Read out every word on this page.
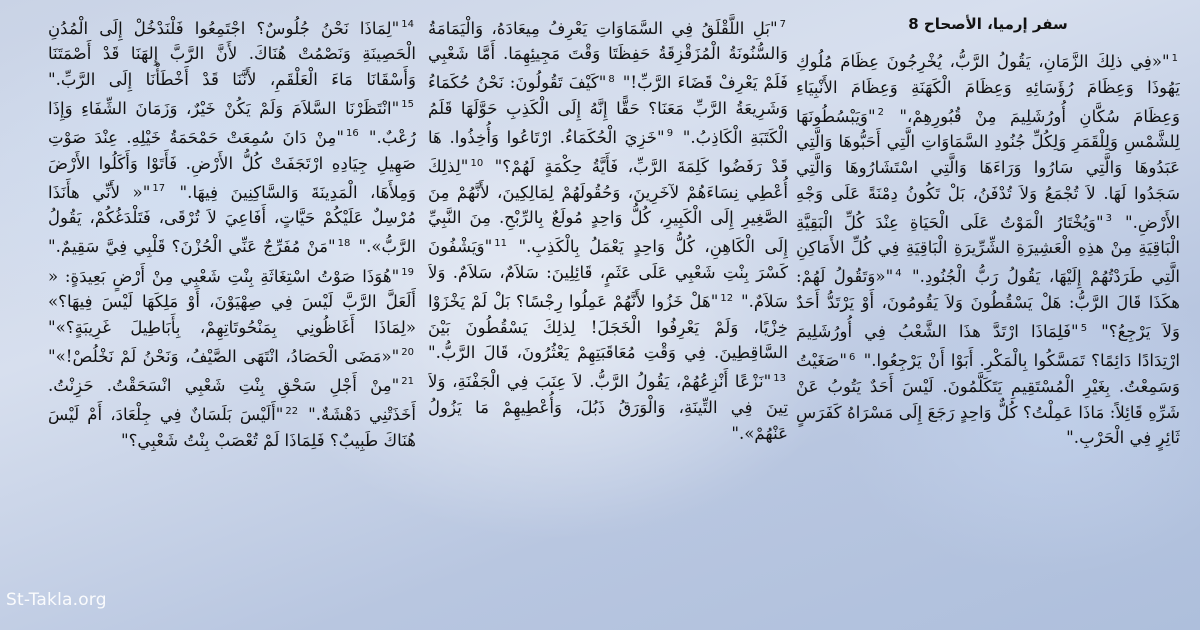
سفر إرميا، الأصحاح 8
$^1$"«فِي ذلِكَ الزَّمَانِ، يَقُولُ الرَّبُّ، يُخْرِجُونَ عِظَامَ مُلُوكِ يَهُوذَا وَعِظَامَ رُؤَسَائِهِ وَعِظَامَ الْكَهَنَةِ وَعِظَامَ الأَنْبِيَاءِ وَعِظَامَ سُكَّانِ أُورُشَلِيمَ مِنْ قُبُورِهِمْ،" $^2$"وَيَبْسُطُونَهَا لِلشَّمْسِ وَلِلْقَمَرِ وَلِكُلِّ جُنُودِ السَّمَاوَاتِ الَّتِي أَحَبُّوهَا وَالَّتِي عَبَدُوهَا وَالَّتِي سَارُوا وَرَاءَهَا وَالَّتِي اسْتَشَارُوهَا وَالَّتِي سَجَدُوا لَهَا. لاَ تُجْمَعُ وَلاَ تُدْفَنُ، بَلْ تَكُونُ دِمْنَةً عَلَى وَجْهِ الأَرْضِ." $^3$"وَيُخْتَارُ الْمَوْتُ عَلَى الْحَيَاةِ عِنْدَ كُلِّ الْبَقِيَّةِ الْبَاقِيَةِ مِنْ هذِهِ الْعَشِيرَةِ الشِّرِّيرَةِ الْبَاقِيَةِ فِي كُلِّ الأَمَاكِنِ الَّتِي طَرَدْتُهُمْ إِلَيْهَا، يَقُولُ رَبُّ الْجُنُودِ." $^4$"«وَتَقُولُ لَهُمْ: هكَذَا قَالَ الرَّبُّ: هَلْ يَسْقُطُونَ وَلاَ يَقُومُونَ، أَوْ يَرْتَدُّ أَحَدٌ وَلاَ يَرْجِعُ؟" $^5$"فَلِمَاذَا ارْتَدَّ هذَا الشَّعْبُ فِي أُورُشَلِيمَ ارْتِدَادًا دَائِمًا؟ تَمَسَّكُوا بِالْمَكْرِ. أَبَوْا أَنْ يَرْجِعُوا." $^6$"صَغَيْتُ وَسَمِعْتُ. بِغَيْرِ الْمُسْتَقِيمِ يَتَكَلَّمُونَ. لَيْسَ أَحَدٌ يَتُوبُ عَنْ شَرِّهِ قَائِلاً: مَاذَا عَمِلْتُ؟ كُلٌّ وَاحِدٍ رَجَعَ إِلَى مَسْرَاهُ كَفَرَسٍ ثَائِرٍ فِي الْحَرْبِ."
$^7$"بَلِ اللَّقْلَقُ فِي السَّمَاوَاتِ يَعْرِفُ مِيعَادَهُ، وَالْيَمَامَةُ وَالسُّنُونَةُ الْمُزَقْزِقَةُ حَفِظَتَا وَقْتَ مَجِيئِهِمَا. أَمَّا شَعْبِي فَلَمْ يَعْرِفْ قَضَاءَ الرَّبِّ!" $^8$"كَيْفَ تَقُولُونَ: نَحْنُ حُكَمَاءُ وَشَرِيعَةُ الرَّبِّ مَعَنَا؟ حَقًّا إِنَّهُ إِلَى الْكَذِبِ حَوَّلَهَا قَلَمُ الْكَتَبَةِ الْكَاذِبُ." $^9$"خَزِيَ الْحُكَمَاءُ. ارْتَاعُوا وَأُخِذُوا. هَا قَدْ رَفَضُوا كَلِمَةَ الرَّبِّ، فَأَيَّةُ حِكْمَةٍ لَهُمْ؟" $^{10}$"لِذلِكَ أُعْطِي نِسَاءَهُمْ لآخَرِينَ، وَحُقُولَهُمْ لِمَالِكِينَ، لأَنَّهُمْ مِنَ الصَّغِيرِ إِلَى الْكَبِيرِ، كُلُّ وَاحِدٍ مُولَعٌ بِالرِّبْحِ. مِنَ النَّبِيِّ إِلَى الْكَاهِنِ، كُلُّ وَاحِدٍ يَعْمَلُ بِالْكَذِبِ." $^{11}$"وَيَشْفُونَ كَسْرَ بِنْتِ شَعْبِي عَلَى عَثَمٍ، قَائِلِينَ: سَلاَمٌ، سَلاَمٌ. وَلاَ سَلاَمٌ." $^{12}$"هَلْ خَزُوا لأَنَّهُمْ عَمِلُوا رِجْسًا؟ بَلْ لَمْ يَخْزَوْا خِزْيًا، وَلَمْ يَعْرِفُوا الْخَجَلَ! لِذلِكَ يَسْقُطُونَ بَيْنَ السَّاقِطِينَ. فِي وَقْتِ مُعَاقَبَتِهِمْ يَعْثُرُونَ، قَالَ الرَّبُّ." $^{13}$"نَزْعًا أَنْزِعُهُمْ، يَقُولُ الرَّبُّ. لاَ عِنَبَ فِي الْجَفْنَةِ، وَلاَ تِينَ فِي التِّينَةِ، وَالْوَرَقُ ذَبُلَ، وَأُعْطِيهِمْ مَا يَزُولُ عَنْهُمْ»."
$^{14}$"لِمَاذَا نَحْنُ جُلُوسٌ؟ اجْتَمِعُوا فَلْنَدْخُلْ إِلَى الْمُدُنِ الْحَصِينَةِ وَنَصْمُتْ هُنَاكَ. لأَنَّ الرَّبَّ إِلهَنَا قَدْ أَصْمَتَنَا وَأَسْقَانَا مَاءَ الْعَلْقَمِ، لأَنَّنَا قَدْ أَخْطَأْنَا إِلَى الرَّبِّ." $^{15}$"انْتَظَرْنَا السَّلاَمَ وَلَمْ يَكُنْ خَيْرٌ، وَزَمَانَ الشِّفَاءِ وَإِذَا رُعْبٌ." $^{16}$"مِنْ دَانَ سُمِعَتْ حَمْحَمَةُ خَيْلِهِ. عِنْدَ صَوْتِ صَهِيلِ جِيَادِهِ ارْتَجَفَتْ كُلُّ الأَرْضِ. فَأَتَوْا وَأَكَلُوا الأَرْضَ وَمِلأَهَا، الْمَدِينَةَ وَالسَّاكِنِينَ فِيهَا." $^{17}$"« لأَنِّي هأَنَذَا مُرْسِلٌ عَلَيْكُمْ حَيَّاتٍ، أَفَاعِيَ لاَ تُرْقَى، فَتَلْدَغُكُمْ، يَقُولُ الرَّبُّ»." $^{18}$"مَنْ مُفَرِّجٌ عَنِّي الْحُزْنَ؟ قَلْبِي فِيَّ سَقِيمٌ." $^{19}$"هُوَذَا صَوْتُ اسْتِغَاثَةِ بِنْتِ شَعْبِي مِنْ أَرْضٍ بَعِيدَةٍ: « أَلَعَلَّ الرَّبَّ لَيْسَ فِي صِهْيَوْنَ، أَوْ مَلِكَهَا لَيْسَ فِيهَا؟» «لِمَاذَا أَغَاظُونِي بِمَنْحُوتَاتِهِمْ، بِأَبَاطِيلَ غَرِيبَةٍ؟»" $^{20}$"«مَضَى الْحَصَادُ، انْتَهَى الصَّيْفُ، وَنَحْنُ لَمْ نَخْلُصْ!»" $^{21}$"مِنْ أَجْلِ سَحْقِ بِنْتِ شَعْبِي انْسَحَقْتُ. حَزِنْتُ. أَخَذَتْنِي دَهْشَةٌ." $^{22}$"أَلَيْسَ بَلَسَانٌ فِي جِلْعَادَ، أَمْ لَيْسَ هُنَاكَ طَبِيبٌ؟ فَلِمَاذَا لَمْ تُعْصَبْ بِنْتُ شَعْبِي؟"
St-Takla.org
